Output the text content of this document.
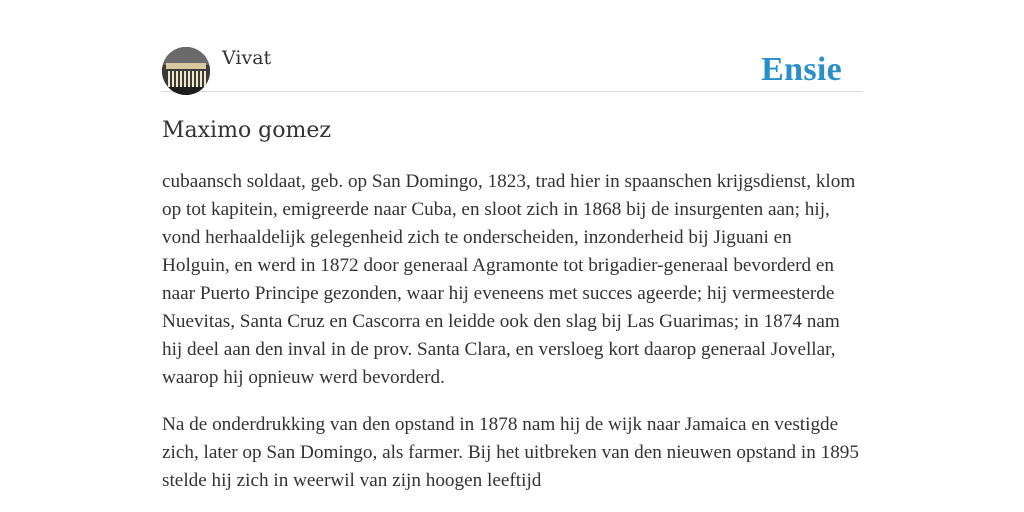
Vivat	Ensie
Maximo gomez

cubaansch soldaat, geb. op San Domingo, 1823, trad hier in spaanschen krijgsdienst, klom op tot kapitein, emigreerde naar Cuba, en sloot zich in 1868 bij de insurgenten aan; hij, vond herhaaldelijk gelegenheid zich te onderscheiden, inzonderheid bij Jiguani en Holguin, en werd in 1872 door generaal Agramonte tot brigadier-generaal bevorderd en naar Puerto Principe gezonden, waar hij eveneens met succes ageerde; hij vermeesterde Nuevitas, Santa Cruz en Cascorra en leidde ook den slag bij Las Guarimas; in 1874 nam hij deel aan den inval in de prov. Santa Clara, en versloeg kort daarop generaal Jovellar, waarop hij opnieuw werd bevorderd.

Na de onderdrukking van den opstand in 1878 nam hij de wijk naar Jamaica en vestigde zich, later op San Domingo, als farmer. Bij het uitbreken van den nieuwen opstand in 1895 stelde hij zich in weerwil van zijn hoogen leeftijd
